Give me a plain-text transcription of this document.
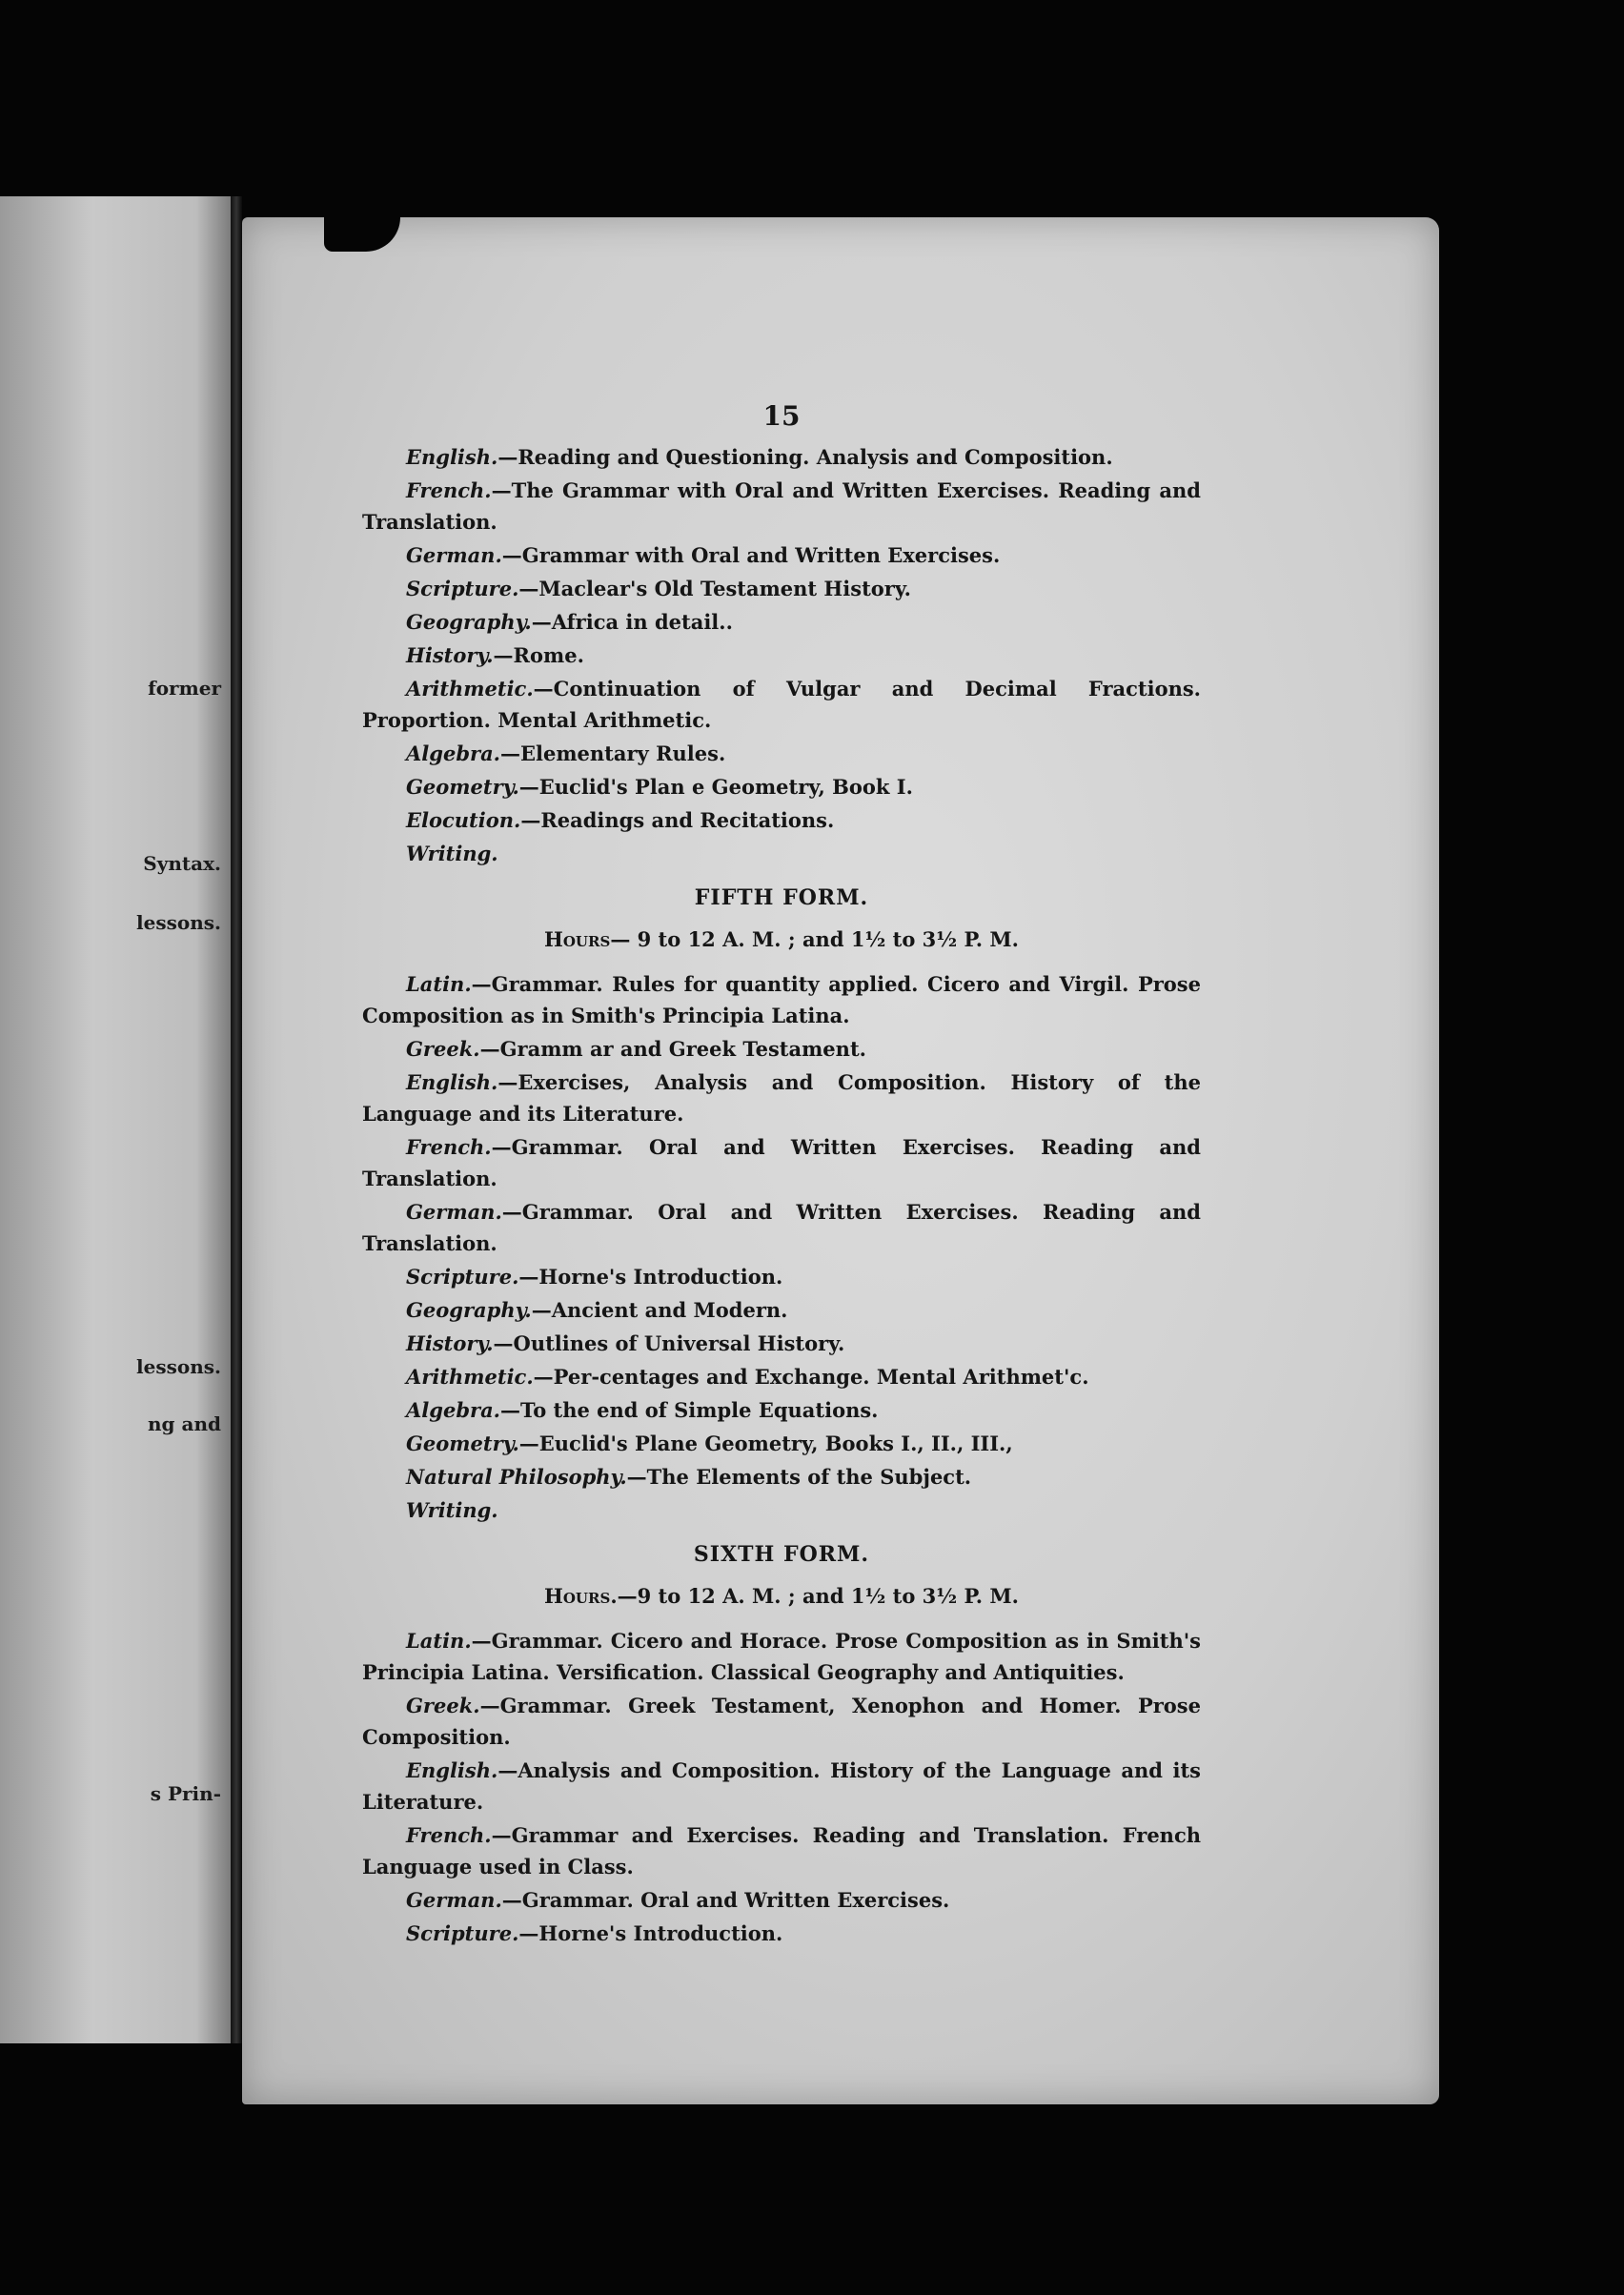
former
Syntax.
lessons.
lessons.
ng and
s Prin-
15

English.—Reading and Questioning. Analysis and Composition.

French.—The Grammar with Oral and Written Exercises. Reading and Translation.

German.—Grammar with Oral and Written Exercises.

Scripture.—Maclear's Old Testament History.

Geography.—Africa in detail..

History.—Rome.

Arithmetic.—Continuation of Vulgar and Decimal Fractions. Proportion. Mental Arithmetic.

Algebra.—Elementary Rules.

Geometry.—Euclid's Plan e Geometry, Book I.

Elocution.—Readings and Recitations.

Writing.

FIFTH FORM.
Hours— 9 to 12 A. M. ; and 1½ to 3½ P. M.

Latin.—Grammar. Rules for quantity applied. Cicero and Virgil. Prose Composition as in Smith's Principia Latina.

Greek.—Gramm ar and Greek Testament.

English.—Exercises, Analysis and Composition. History of the Language and its Literature.

French.—Grammar. Oral and Written Exercises. Reading and Translation.

German.—Grammar. Oral and Written Exercises. Reading and Translation.

Scripture.—Horne's Introduction.

Geography.—Ancient and Modern.

History.—Outlines of Universal History.

Arithmetic.—Per-centages and Exchange. Mental Arithmet'c.

Algebra.—To the end of Simple Equations.

Geometry.—Euclid's Plane Geometry, Books I., II., III.,

Natural Philosophy.—The Elements of the Subject.

Writing.

SIXTH FORM.
Hours.—9 to 12 A. M. ; and 1½ to 3½ P. M.

Latin.—Grammar. Cicero and Horace. Prose Composition as in Smith's Principia Latina. Versification. Classical Geography and Antiquities.

Greek.—Grammar. Greek Testament, Xenophon and Homer. Prose Composition.

English.—Analysis and Composition. History of the Language and its Literature.

French.—Grammar and Exercises. Reading and Translation. French Language used in Class.

German.—Grammar. Oral and Written Exercises.

Scripture.—Horne's Introduction.
